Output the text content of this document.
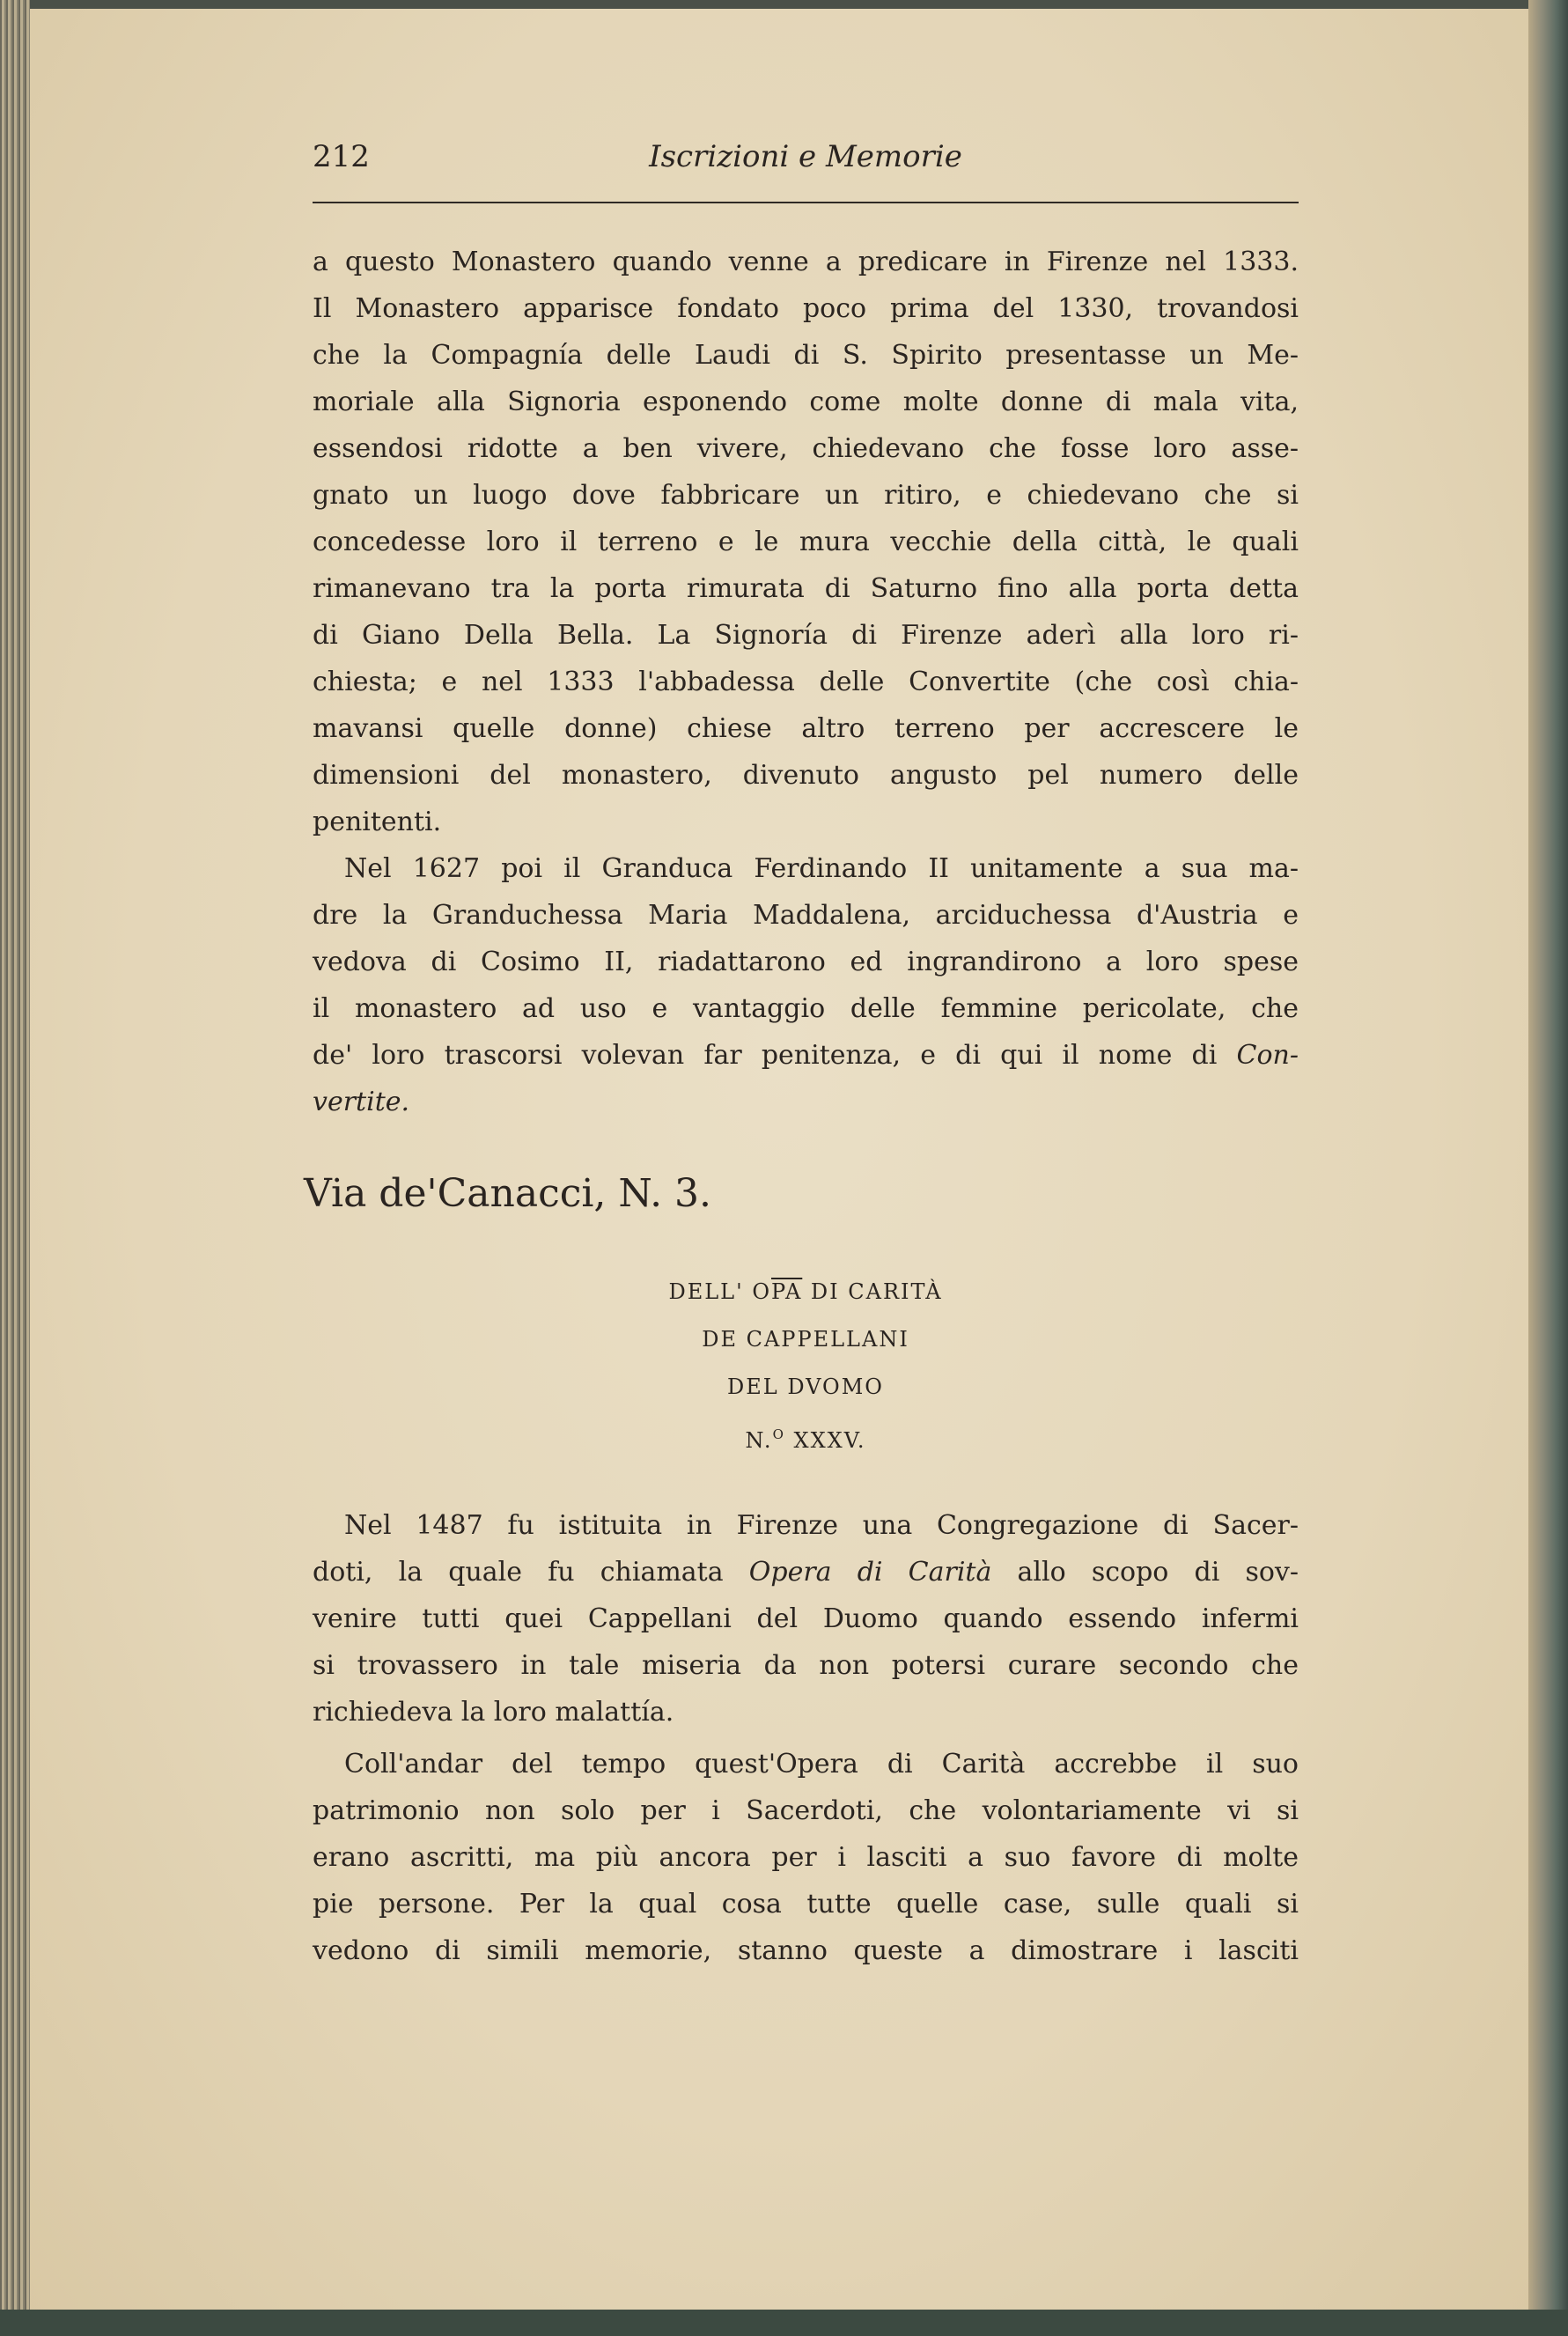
212	Iscrizioni e Memorie
a questo Monastero quando venne a predicare in Firenze nel 1333.
Il Monastero apparisce fondato poco prima del 1330, trovandosi
che la Compagnía delle Laudi di S. Spirito presentasse un Me-
moriale alla Signoria esponendo come molte donne di mala vita,
essendosi ridotte a ben vivere, chiedevano che fosse loro asse-
gnato un luogo dove fabbricare un ritiro, e chiedevano che si
concedesse loro il terreno e le mura vecchie della città, le quali
rimanevano tra la porta rimurata di Saturno fino alla porta detta
di Giano Della Bella. La Signoría di Firenze aderì alla loro ri-
chiesta; e nel 1333 l'abbadessa delle Convertite (che così chia-
mavansi quelle donne) chiese altro terreno per accrescere le
dimensioni del monastero, divenuto angusto pel numero delle
penitenti.
Nel 1627 poi il Granduca Ferdinando II unitamente a sua ma-
dre la Granduchessa Maria Maddalena, arciduchessa d'Austria e
vedova di Cosimo II, riadattarono ed ingrandirono a loro spese
il monastero ad uso e vantaggio delle femmine pericolate, che
de' loro trascorsi volevan far penitenza, e di qui il nome di Con-
vertite.
Via de'Canacci, N. 3.
DELL' $O\overline{PA}$ DI CARITÀ
DE CAPPELLANI
DEL DVOMO
N.$^O$ XXXV.
Nel 1487 fu istituita in Firenze una Congregazione di Sacer-
doti, la quale fu chiamata Opera di Carità allo scopo di sov-
venire tutti quei Cappellani del Duomo quando essendo infermi
si trovassero in tale miseria da non potersi curare secondo che
richiedeva la loro malattía.
Coll'andar del tempo quest'Opera di Carità accrebbe il suo
patrimonio non solo per i Sacerdoti, che volontariamente vi si
erano ascritti, ma più ancora per i lasciti a suo favore di molte
pie persone. Per la qual cosa tutte quelle case, sulle quali si
vedono di simili memorie, stanno queste a dimostrare i lasciti
